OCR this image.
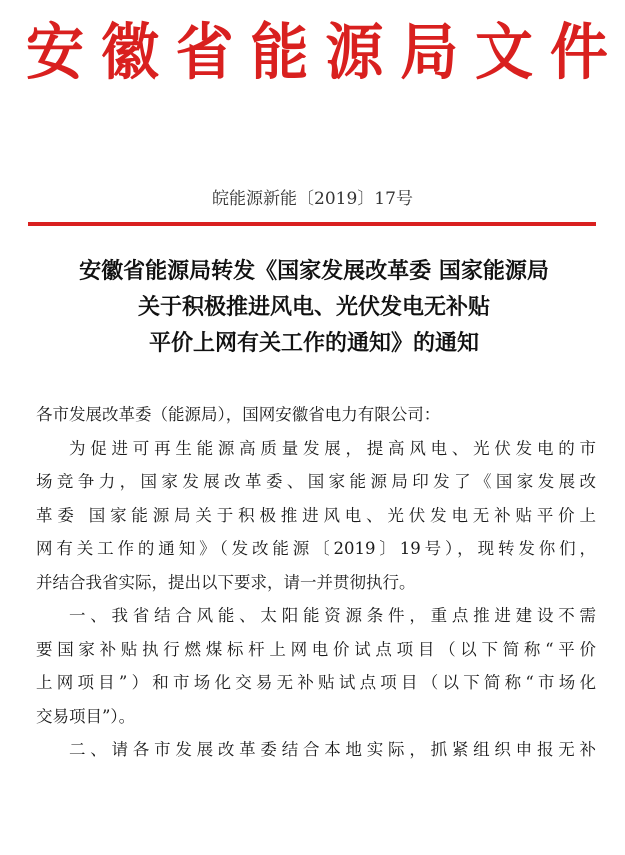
安 徽 省 能 源 局 文 件
皖能源新能〔2019〕17号
安徽省能源局转发《国家发展改革委 国家能源局
关于积极推进风电、光伏发电无补贴
平价上网有关工作的通知》的通知
各市发展改革委（能源局），国网安徽省电力有限公司：
为促进可再生能源高质量发展，提高风电、光伏发电的市
场竞争力，国家发展改革委、国家能源局印发了《国家发展改
革委 国家能源局关于积极推进风电、光伏发电无补贴平价上
网有关工作的通知》（发改能源〔2019〕19号），现转发你们，
并结合我省实际，提出以下要求，请一并贯彻执行。
一、我省结合风能、太阳能资源条件，重点推进建设不需
要国家补贴执行燃煤标杆上网电价试点项目（以下简称“平价
上网项目”）和市场化交易无补贴试点项目（以下简称“市场化
交易项目”）。
二、请各市发展改革委结合本地实际，抓紧组织申报无补
